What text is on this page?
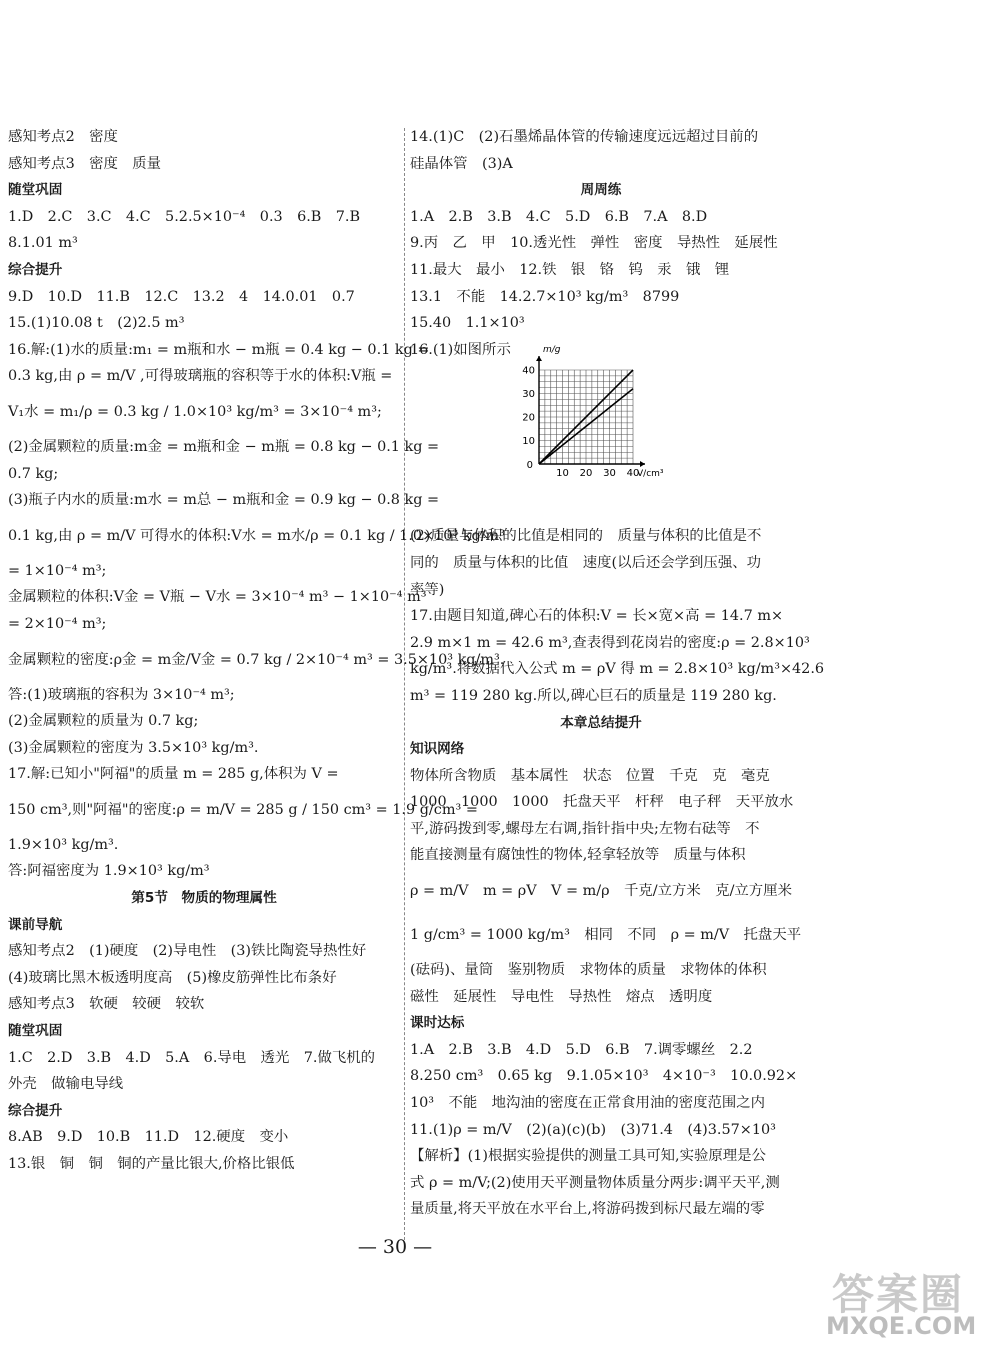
感知考点2　密度
感知考点3　密度　质量
随堂巩固
1.D　2.C　3.C　4.C　5.2.5×10⁻⁴　0.3　6.B　7.B
8.1.01 m³
综合提升
9.D　10.D　11.B　12.C　13.2　4　14.0.01　0.7
15.(1)10.08 t　(2)2.5 m³
16.解:(1)水的质量:m₁ = m瓶和水 − m瓶 = 0.4 kg − 0.1 kg =
0.3 kg,由 ρ = m/V ,可得玻璃瓶的容积等于水的体积:V瓶 =
V₁水 = m₁/ρ = 0.3 kg / 1.0×10³ kg/m³ = 3×10⁻⁴ m³;
(2)金属颗粒的质量:m金 = m瓶和金 − m瓶 = 0.8 kg − 0.1 kg =
0.7 kg;
(3)瓶子内水的质量:m水 = m总 − m瓶和金 = 0.9 kg − 0.8 kg =
0.1 kg,由 ρ = m/V 可得水的体积:V水 = m水/ρ = 0.1 kg / 1.0×10³ kg/m³
= 1×10⁻⁴ m³;
金属颗粒的体积:V金 = V瓶 − V水 = 3×10⁻⁴ m³ − 1×10⁻⁴ m³
= 2×10⁻⁴ m³;
金属颗粒的密度:ρ金 = m金/V金 = 0.7 kg / 2×10⁻⁴ m³ = 3.5×10³ kg/m³.
答:(1)玻璃瓶的容积为 3×10⁻⁴ m³;
(2)金属颗粒的质量为 0.7 kg;
(3)金属颗粒的密度为 3.5×10³ kg/m³.
17.解:已知小"阿福"的质量 m = 285 g,体积为 V =
150 cm³,则"阿福"的密度:ρ = m/V = 285 g / 150 cm³ = 1.9 g/cm³ =
1.9×10³ kg/m³.
答:阿福密度为 1.9×10³ kg/m³
第5节　物质的物理属性
课前导航
感知考点2　(1)硬度　(2)导电性　(3)铁比陶瓷导热性好
(4)玻璃比黑木板透明度高　(5)橡皮筋弹性比布条好
感知考点3　软硬　较硬　较软
随堂巩固
1.C　2.D　3.B　4.D　5.A　6.导电　透光　7.做飞机的
外壳　做输电导线
综合提升
8.AB　9.D　10.B　11.D　12.硬度　变小
13.银　铜　铜　铜的产量比银大,价格比银低
14.(1)C　(2)石墨烯晶体管的传输速度远远超过目前的
硅晶体管　(3)A
周周练
1.A　2.B　3.B　4.C　5.D　6.B　7.A　8.D
9.丙　乙　甲　10.透光性　弹性　密度　导热性　延展性
11.最大　最小　12.铁　银　铬　钨　汞　锇　锂
13.1　不能　14.2.7×10³ kg/m³　8799
15.40　1.1×10³
16.(1)如图所示
(2)质量与体积的比值是相同的　质量与体积的比值是不
同的　质量与体积的比值　速度(以后还会学到压强、功
率等)
17.由题目知道,碑心石的体积:V = 长×宽×高 = 14.7 m×
2.9 m×1 m = 42.6 m³,查表得到花岗岩的密度:ρ = 2.8×10³
kg/m³.将数据代入公式 m = ρV 得 m = 2.8×10³ kg/m³×42.6
m³ = 119 280 kg.所以,碑心巨石的质量是 119 280 kg.
本章总结提升
知识网络
物体所含物质　基本属性　状态　位置　千克　克　毫克
1000　1000　1000　托盘天平　杆秤　电子秤　天平放水
平,游码拨到零,螺母左右调,指针指中央;左物右砝等　不
能直接测量有腐蚀性的物体,轻拿轻放等　质量与体积
ρ = m/V　m = ρV　V = m/ρ　千克/立方米　克/立方厘米
1 g/cm³ = 1000 kg/m³　相同　不同　ρ = m/V　托盘天平
(砝码)、量筒　鉴别物质　求物体的质量　求物体的体积
磁性　延展性　导电性　导热性　熔点　透明度
课时达标
1.A　2.B　3.B　4.D　5.D　6.B　7.调零螺丝　2.2
8.250 cm³　0.65 kg　9.1.05×10³　4×10⁻³　10.0.92×
10³　不能　地沟油的密度在正常食用油的密度范围之内
11.(1)ρ = m/V　(2)(a)(c)(b)　(3)71.4　(4)3.57×10³
【解析】(1)根据实验提供的测量工具可知,实验原理是公
式 ρ = m/V;(2)使用天平测量物体质量分两步:调平天平,测
量质量,将天平放在水平台上,将游码拨到标尺最左端的零
10 20 30 40
10
20
30
40
0
V/cm³
m/g
— 30 —
答案圈
MXQE.COM
